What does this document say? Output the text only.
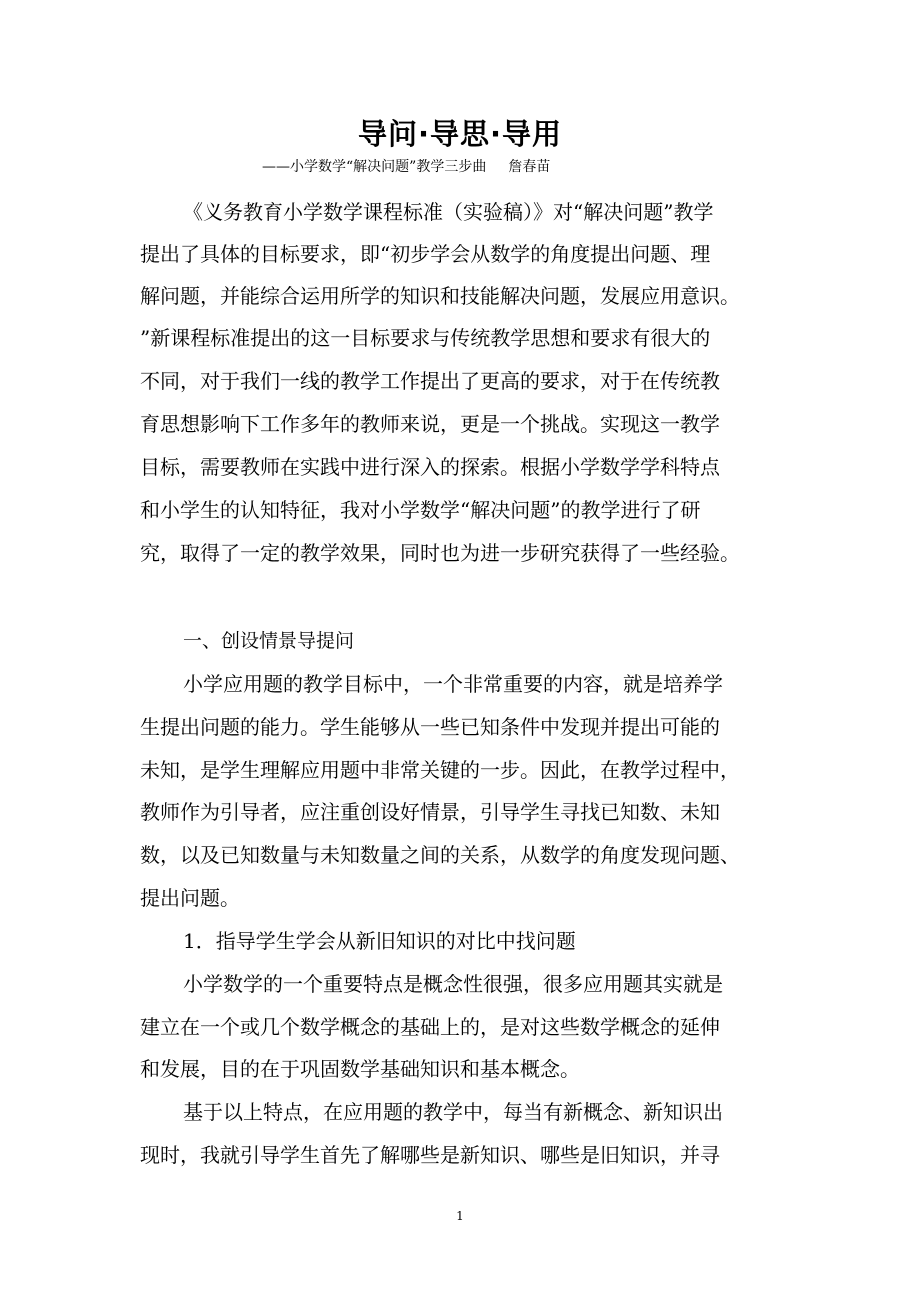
导问·导思·导用
——小学数学“解决问题”教学三步曲 詹春苗
《义务教育小学数学课程标准（实验稿）》对“解决问题”教学
提出了具体的目标要求，即“初步学会从数学的角度提出问题、理
解问题，并能综合运用所学的知识和技能解决问题，发展应用意识。
”新课程标准提出的这一目标要求与传统教学思想和要求有很大的
不同，对于我们一线的教学工作提出了更高的要求，对于在传统教
育思想影响下工作多年的教师来说，更是一个挑战。实现这一教学
目标，需要教师在实践中进行深入的探索。根据小学数学学科特点
和小学生的认知特征，我对小学数学“解决问题”的教学进行了研
究，取得了一定的教学效果，同时也为进一步研究获得了一些经验。
一、创设情景导提问
小学应用题的教学目标中，一个非常重要的内容，就是培养学
生提出问题的能力。学生能够从一些已知条件中发现并提出可能的
未知，是学生理解应用题中非常关键的一步。因此，在教学过程中，
教师作为引导者，应注重创设好情景，引导学生寻找已知数、未知
数，以及已知数量与未知数量之间的关系，从数学的角度发现问题、
提出问题。
1．指导学生学会从新旧知识的对比中找问题
小学数学的一个重要特点是概念性很强，很多应用题其实就是
建立在一个或几个数学概念的基础上的，是对这些数学概念的延伸
和发展，目的在于巩固数学基础知识和基本概念。
基于以上特点，在应用题的教学中，每当有新概念、新知识出
现时，我就引导学生首先了解哪些是新知识、哪些是旧知识，并寻
1
